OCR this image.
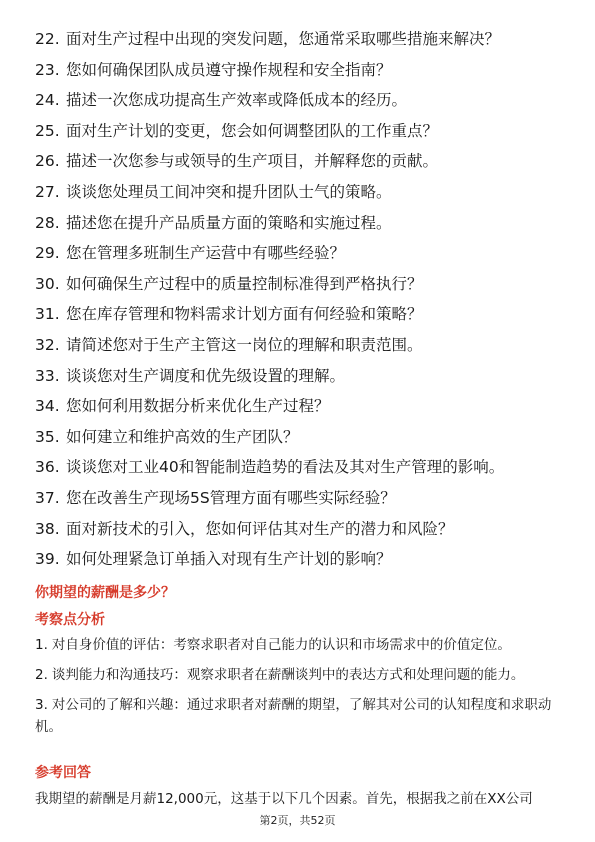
22. 面对生产过程中出现的突发问题，您通常采取哪些措施来解决？
23. 您如何确保团队成员遵守操作规程和安全指南？
24. 描述一次您成功提高生产效率或降低成本的经历。
25. 面对生产计划的变更，您会如何调整团队的工作重点？
26. 描述一次您参与或领导的生产项目，并解释您的贡献。
27. 谈谈您处理员工间冲突和提升团队士气的策略。
28. 描述您在提升产品质量方面的策略和实施过程。
29. 您在管理多班制生产运营中有哪些经验？
30. 如何确保生产过程中的质量控制标准得到严格执行？
31. 您在库存管理和物料需求计划方面有何经验和策略？
32. 请简述您对于生产主管这一岗位的理解和职责范围。
33. 谈谈您对生产调度和优先级设置的理解。
34. 您如何利用数据分析来优化生产过程？
35. 如何建立和维护高效的生产团队？
36. 谈谈您对工业40和智能制造趋势的看法及其对生产管理的影响。
37. 您在改善生产现场5S管理方面有哪些实际经验？
38. 面对新技术的引入，您如何评估其对生产的潜力和风险？
39. 如何处理紧急订单插入对现有生产计划的影响？
你期望的薪酬是多少？
考察点分析
1. 对自身价值的评估：考察求职者对自己能力的认识和市场需求中的价值定位。
2. 谈判能力和沟通技巧：观察求职者在薪酬谈判中的表达方式和处理问题的能力。
3. 对公司的了解和兴趣：通过求职者对薪酬的期望，了解其对公司的认知程度和求职动机。
参考回答
我期望的薪酬是月薪12,000元，这基于以下几个因素。首先，根据我之前在XX公司
第2页，共52页
